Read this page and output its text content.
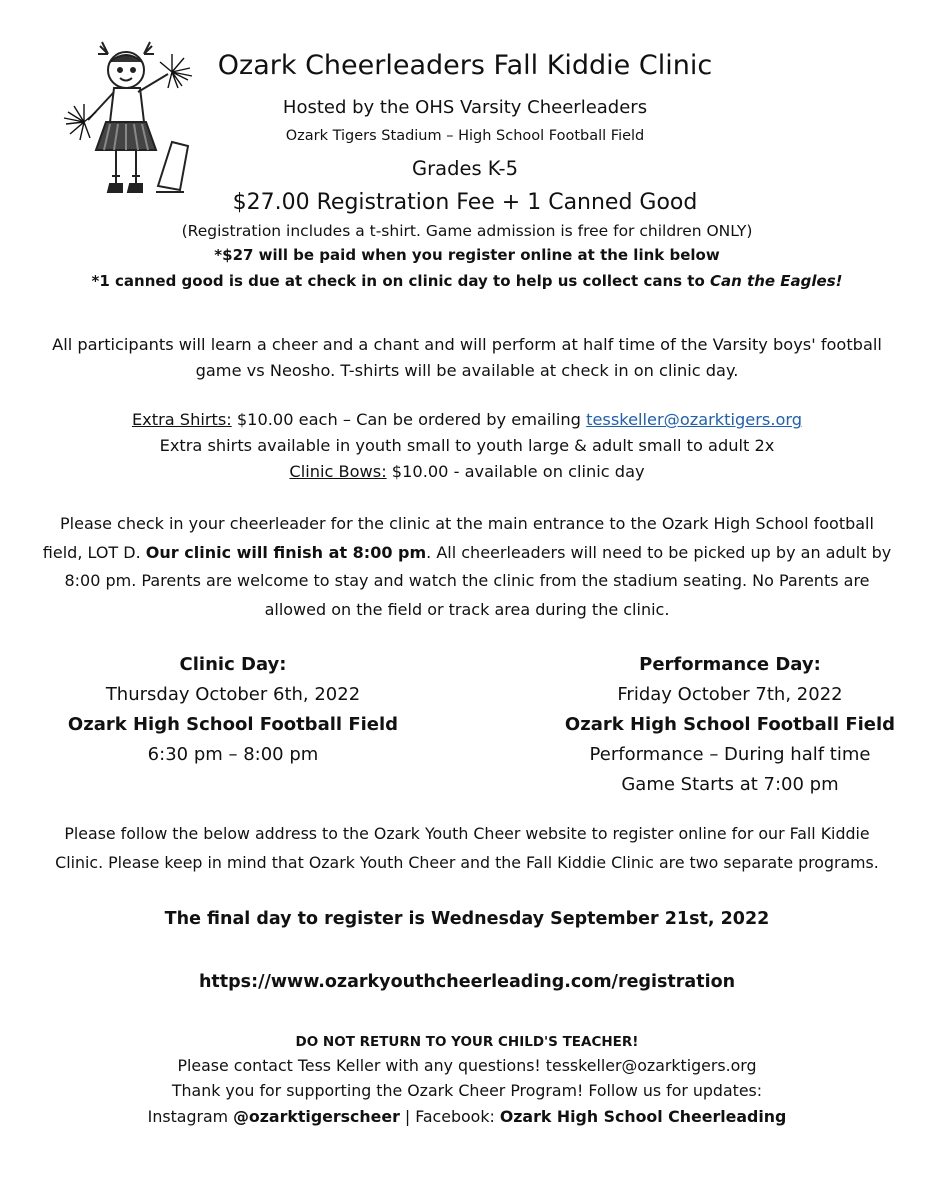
Ozark Cheerleaders Fall Kiddie Clinic
Hosted by the OHS Varsity Cheerleaders
Ozark Tigers Stadium – High School Football Field
Grades K-5
$27.00 Registration Fee + 1 Canned Good
(Registration includes a t-shirt. Game admission is free for children ONLY)
*$27 will be paid when you register online at the link below
*1 canned good is due at check in on clinic day to help us collect cans to Can the Eagles!
All participants will learn a cheer and a chant and will perform at half time of the Varsity boys' football game vs Neosho. T-shirts will be available at check in on clinic day.
Extra Shirts: $10.00 each – Can be ordered by emailing tesskeller@ozarktigers.org
Extra shirts available in youth small to youth large & adult small to adult 2x
Clinic Bows: $10.00 - available on clinic day
Please check in your cheerleader for the clinic at the main entrance to the Ozark High School football field, LOT D. Our clinic will finish at 8:00 pm. All cheerleaders will need to be picked up by an adult by 8:00 pm. Parents are welcome to stay and watch the clinic from the stadium seating. No Parents are allowed on the field or track area during the clinic.
Clinic Day:
Thursday October 6th, 2022
Ozark High School Football Field
6:30 pm – 8:00 pm
Performance Day:
Friday October 7th, 2022
Ozark High School Football Field
Performance – During half time
Game Starts at 7:00 pm
Please follow the below address to the Ozark Youth Cheer website to register online for our Fall Kiddie Clinic. Please keep in mind that Ozark Youth Cheer and the Fall Kiddie Clinic are two separate programs.
The final day to register is Wednesday September 21st, 2022
https://www.ozarkyouthcheerleading.com/registration
DO NOT RETURN TO YOUR CHILD'S TEACHER!
Please contact Tess Keller with any questions! tesskeller@ozarktigers.org
Thank you for supporting the Ozark Cheer Program! Follow us for updates:
Instagram @ozarktigerscheer | Facebook: Ozark High School Cheerleading
